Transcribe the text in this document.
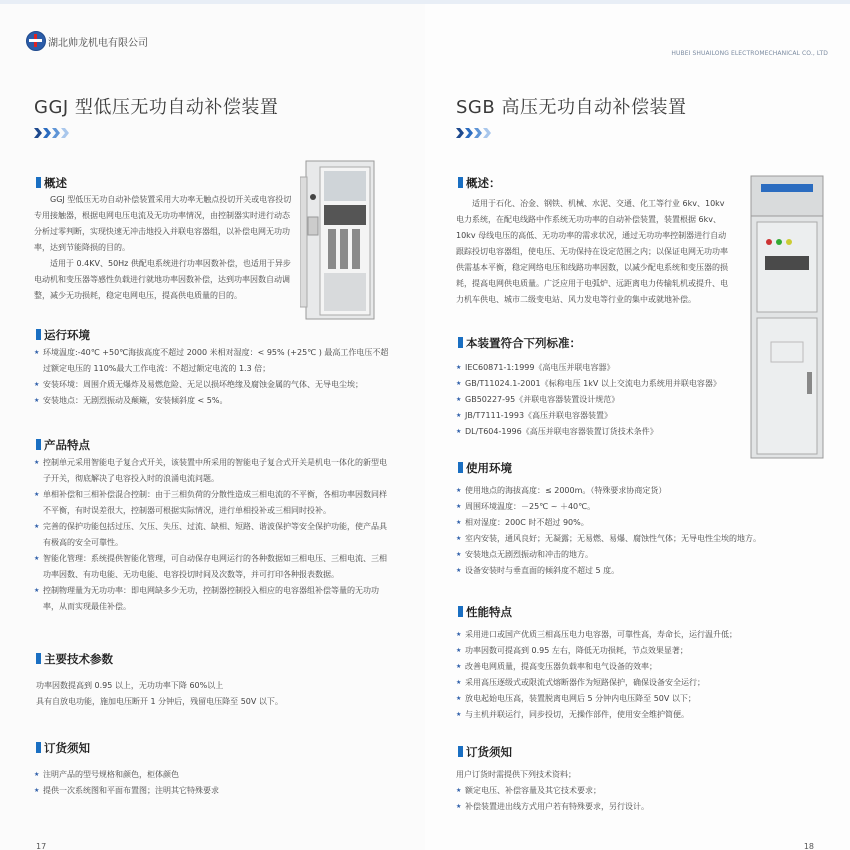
湖北帅龙机电有限公司
GGJ 型低压无功自动补偿装置
概述

GGJ 型低压无功自动补偿装置采用大功率无触点投切开关或电容投切专用接触器，根据电网电压电流及无功功率情况，由控制器实时进行动态分析过零判断，实现快速无冲击地投入并联电容器组，以补偿电网无功功率，达到节能降损的目的。

适用于 0.4KV、50Hz 供配电系统进行功率因数补偿，也适用于异步电动机和变压器等感性负载进行就地功率因数补偿，达到功率因数自动调整，减少无功损耗，稳定电网电压，提高供电质量的目的。

运行环境
★ 环境温度:-40℃ +50℃海拔高度不超过 2000 米相对湿度：< 95% (+25℃ ) 最高工作电压不超过额定电压的 110%最大工作电流：不超过额定电流的 1.3 倍；
★ 安装环境：周围介质无爆炸及易燃危险、无足以损坏绝缘及腐蚀金属的气体、无导电尘埃；
★ 安装地点：无剧烈振动及颠簸，安装倾斜度 < 5%。
产品特点
★ 控制单元采用智能电子复合式开关，该装置中所采用的智能电子复合式开关是机电一体化的新型电子开关，彻底解决了电容投入时的浪涌电流问题。
★ 单相补偿和三相补偿混合控制：由于三相负荷的分散性造成三相电流的不平衡，各相功率因数同样不平衡，有时误差很大，控制器可根据实际情况，进行单相投补或三相同时投补。
★ 完善的保护功能包括过压、欠压、失压、过流、缺相、短路、谐波保护等安全保护功能，使产品具有极高的安全可靠性。
★ 智能化管理：系统提供智能化管理，可自动保存电网运行的各种数据如三相电压、三相电流、三相功率因数、有功电能、无功电能、电容投切时间及次数等，并可打印各种报表数据。
★ 控制物理量为无功功率：即电网缺多少无功，控制器控制投入相应的电容器组补偿等量的无功功率，从而实现最佳补偿。
主要技术参数
功率因数提高到 0.95 以上，无功功率下降 60%以上
具有自放电功能，施加电压断开 1 分钟后，残留电压降至 50V 以下。
订货须知
★ 注明产品的型号规格和颜色，柜体颜色
★ 提供一次系统图和平面布置图；注明其它特殊要求
17
HUBEI SHUAILONG ELECTROMECHANICAL CO., LTD
SGB 高压无功自动补偿装置
概述：

适用于石化、冶金、钢铁、机械、水泥、交通、化工等行业 6kv、10kv 电力系统，在配电线路中作系统无功功率的自动补偿装置，装置根据 6kv、10kv 母线电压的高低、无功功率的需求状况，通过无功功率控制器进行自动跟踪投切电容器组，使电压、无功保持在设定范围之内；以保证电网无功功率供需基本平衡，稳定网络电压和线路功率因数，以减少配电系统和变压器的损耗，提高电网供电质量。广泛应用于电弧炉、远距离电力传输轧机或提升、电力机车供电、城市二级变电站、风力发电等行业的集中或就地补偿。

本装置符合下列标准：
★ IEC60871-1:1999《高电压并联电容器》
★ GB/T11024.1-2001《标称电压 1kV 以上交流电力系统用并联电容器》
★ GB50227-95《并联电容器装置设计规范》
★ JB/T7111-1993《高压并联电容器装置》
★ DL/T604-1996《高压并联电容器装置订货技术条件》
使用环境
★ 使用地点的海拔高度：≤ 2000m。（特殊要求协商定货）
★ 周围环境温度：－25℃ ~ ＋40℃。
★ 相对湿度：200C 时不超过 90%。
★ 室内安装，通风良好；无凝露；无易燃、易爆、腐蚀性气体；无导电性尘埃的地方。
★ 安装地点无剧烈振动和冲击的地方。
★ 设备安装时与垂直面的倾斜度不超过 5 度。
性能特点
★ 采用进口或国产优质三相高压电力电容器，可靠性高，寿命长，运行温升低；
★ 功率因数可提高到 0.95 左右，降低无功损耗，节点效果显著；
★ 改善电网质量，提高变压器负载率和电气设备的效率；
★ 采用高压逐级式或限流式熔断器作为短路保护，确保设备安全运行；
★ 放电起始电压高，装置脱离电网后 5 分钟内电压降至 50V 以下；
★ 与主机并联运行，同步投切，无操作部件，使用安全维护简便。
订货须知
用户订货时需提供下列技术资料；
★ 额定电压、补偿容量及其它技术要求；
★ 补偿装置进出线方式用户若有特殊要求，另行设计。
18
